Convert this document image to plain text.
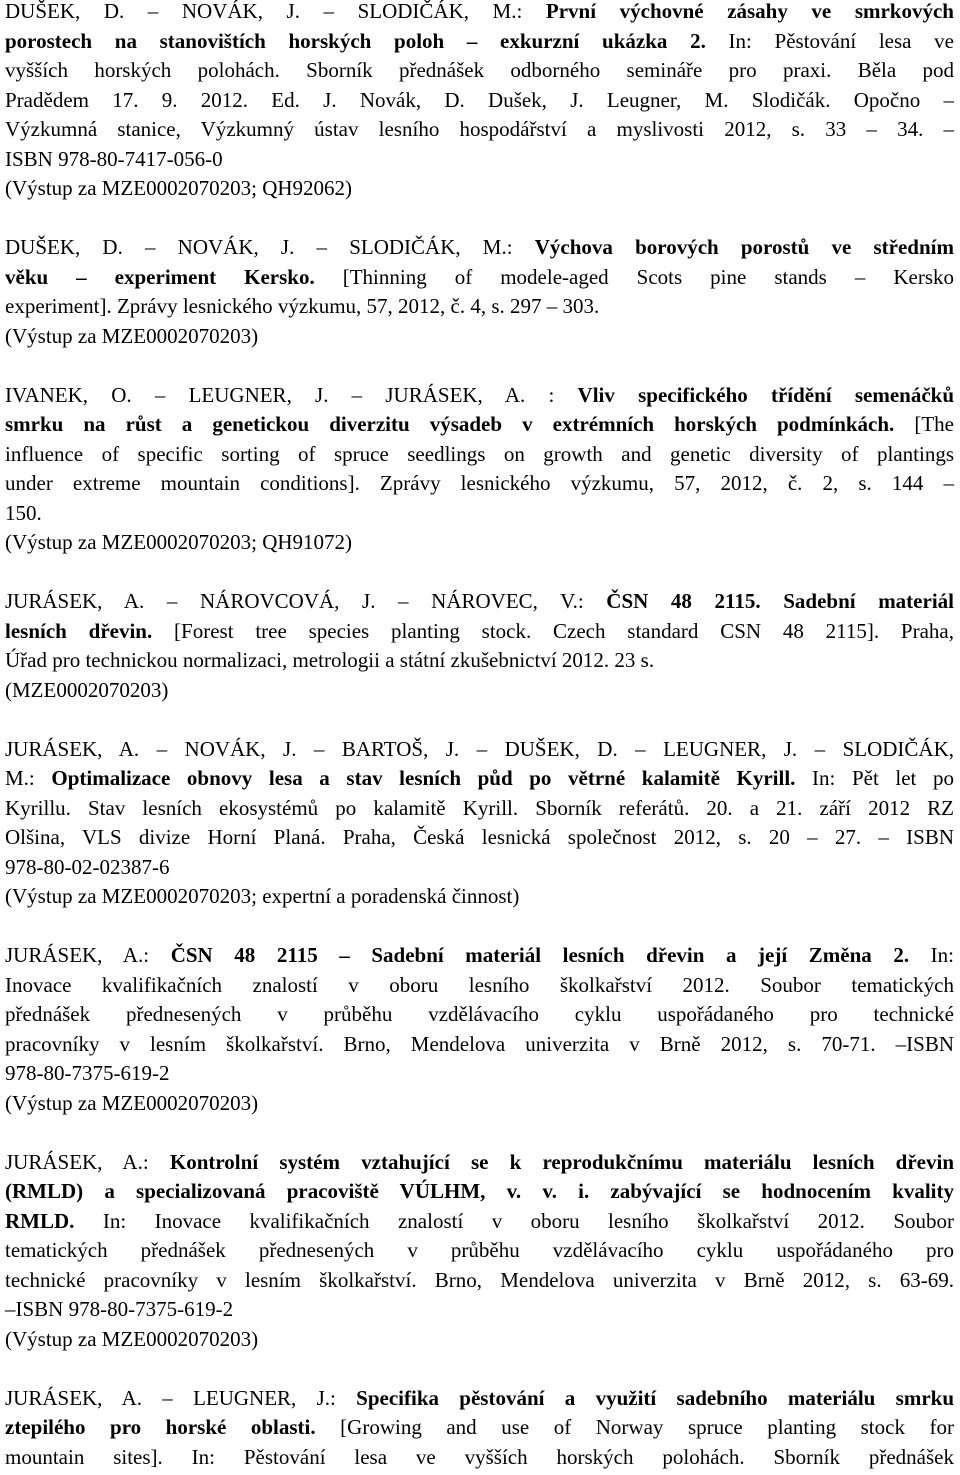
DUŠEK, D. – NOVÁK, J. – SLODIČÁK, M.: První výchovné zásahy ve smrkových
porostech na stanovištích horských poloh – exkurzní ukázka 2. In: Pěstování lesa ve
vyšších horských polohách. Sborník přednášek odborného semináře pro praxi. Běla pod
Pradědem 17. 9. 2012. Ed. J. Novák, D. Dušek, J. Leugner, M. Slodičák. Opočno –
Výzkumná stanice, Výzkumný ústav lesního hospodářství a myslivosti 2012, s. 33 – 34. –
ISBN 978-80-7417-056-0
(Výstup za MZE0002070203; QH92062)
DUŠEK, D. – NOVÁK, J. – SLODIČÁK, M.: Výchova borových porostů ve středním
věku – experiment Kersko. [Thinning of modele-aged Scots pine stands – Kersko
experiment]. Zprávy lesnického výzkumu, 57, 2012, č. 4, s. 297 – 303.
(Výstup za MZE0002070203)
IVANEK, O. – LEUGNER, J. – JURÁSEK, A. : Vliv specifického třídění semenáčků
smrku na růst a genetickou diverzitu výsadeb v extrémních horských podmínkách. [The
influence of specific sorting of spruce seedlings on growth and genetic diversity of plantings
under extreme mountain conditions]. Zprávy lesnického výzkumu, 57, 2012, č. 2, s. 144 –
150.
(Výstup za MZE0002070203; QH91072)
JURÁSEK, A. – NÁROVCOVÁ, J. – NÁROVEC, V.: ČSN 48 2115. Sadební materiál
lesních dřevin. [Forest tree species planting stock. Czech standard CSN 48 2115]. Praha,
Úřad pro technickou normalizaci, metrologii a státní zkušebnictví 2012. 23 s.
(MZE0002070203)
JURÁSEK, A. – NOVÁK, J. – BARTOŠ, J. – DUŠEK, D. – LEUGNER, J. – SLODIČÁK,
M.: Optimalizace obnovy lesa a stav lesních půd po větrné kalamitě Kyrill. In: Pět let po
Kyrillu. Stav lesních ekosystémů po kalamitě Kyrill. Sborník referátů. 20. a 21. září 2012 RZ
Olšina, VLS divize Horní Planá. Praha, Česká lesnická společnost 2012, s. 20 – 27. – ISBN
978-80-02-02387-6
(Výstup za MZE0002070203; expertní a poradenská činnost)
JURÁSEK, A.: ČSN 48 2115 – Sadební materiál lesních dřevin a její Změna 2. In:
Inovace kvalifikačních znalostí v oboru lesního školkařství 2012. Soubor tematických
přednášek přednesených v průběhu vzdělávacího cyklu uspořádaného pro technické
pracovníky v lesním školkařství. Brno, Mendelova univerzita v Brně 2012, s. 70-71. –ISBN
978-80-7375-619-2
(Výstup za MZE0002070203)
JURÁSEK, A.: Kontrolní systém vztahující se k reprodukčnímu materiálu lesních dřevin
(RMLD) a specializovaná pracoviště VÚLHM, v. v. i. zabývající se hodnocením kvality
RMLD. In: Inovace kvalifikačních znalostí v oboru lesního školkařství 2012. Soubor
tematických přednášek přednesených v průběhu vzdělávacího cyklu uspořádaného pro
technické pracovníky v lesním školkařství. Brno, Mendelova univerzita v Brně 2012, s. 63-69.
–ISBN 978-80-7375-619-2
(Výstup za MZE0002070203)
JURÁSEK, A. – LEUGNER, J.: Specifika pěstování a využití sadebního materiálu smrku
ztepilého pro horské oblasti. [Growing and use of Norway spruce planting stock for
mountain sites]. In: Pěstování lesa ve vyšších horských polohách. Sborník přednášek
